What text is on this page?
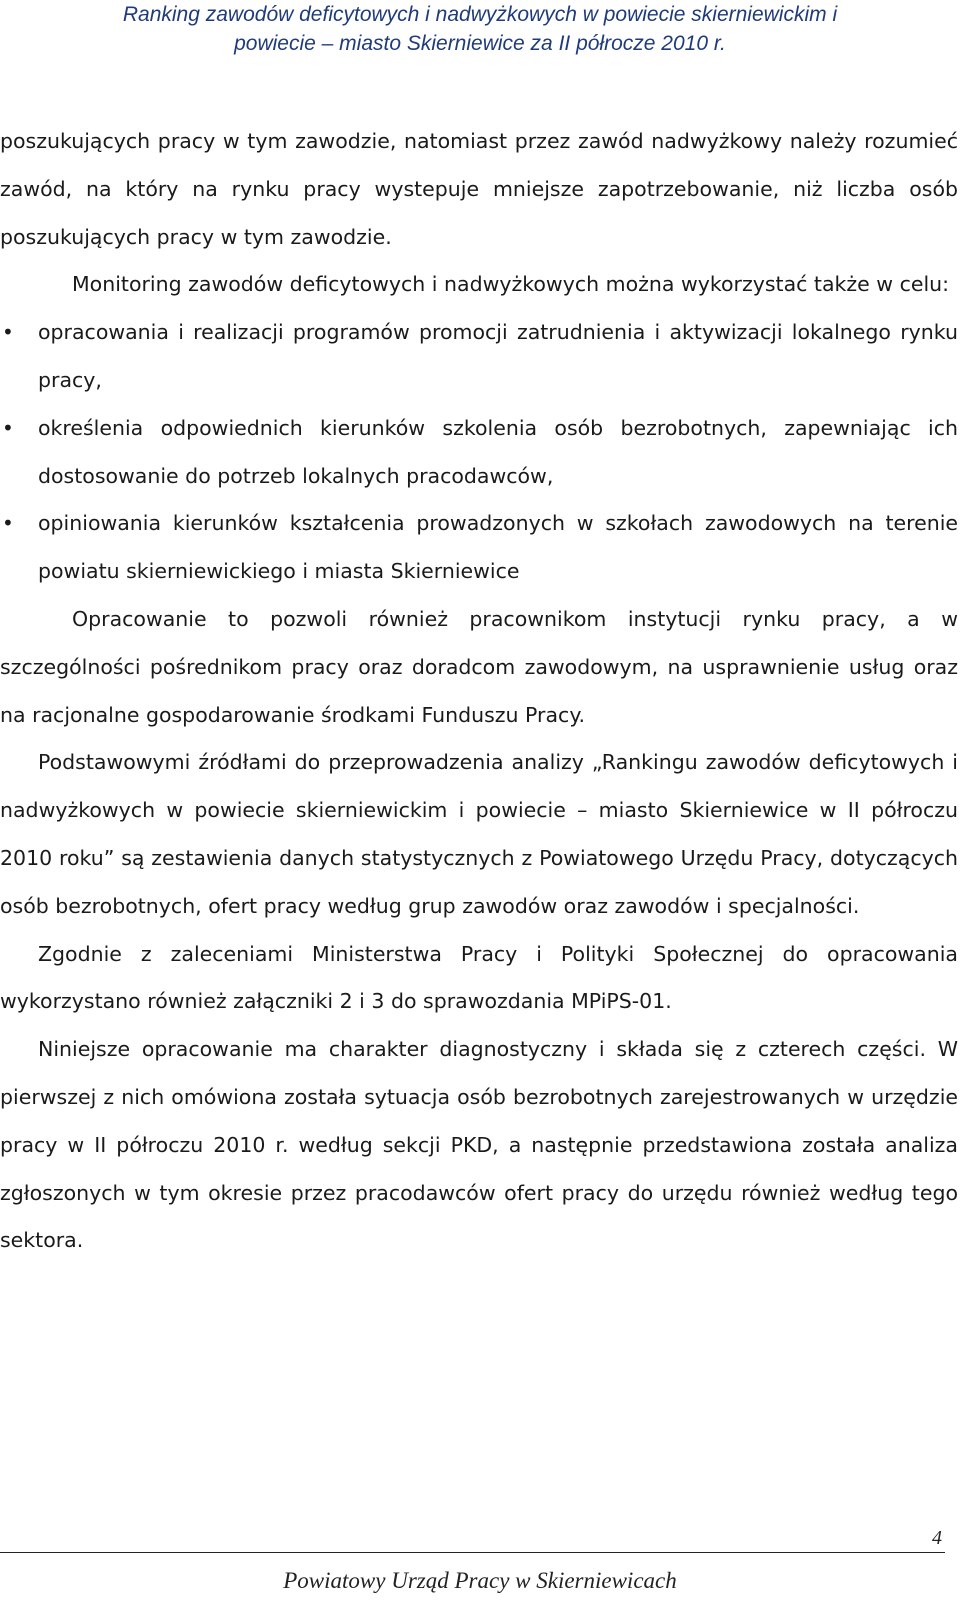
Ranking zawodów deficytowych i nadwyżkowych w powiecie skierniewickim i
powiecie – miasto Skierniewice za II półrocze 2010 r.

poszukujących pracy w tym zawodzie, natomiast przez zawód nadwyżkowy należy rozumieć zawód, na który na rynku pracy wystepuje mniejsze zapotrzebowanie, niż liczba osób poszukujących pracy w tym zawodzie.

Monitoring zawodów deficytowych i nadwyżkowych można wykorzystać także w celu:

• opracowania i realizacji programów promocji zatrudnienia i aktywizacji lokalnego rynku pracy,
• określenia odpowiednich kierunków szkolenia osób bezrobotnych, zapewniając ich dostosowanie do potrzeb lokalnych pracodawców,
• opiniowania kierunków kształcenia prowadzonych w szkołach zawodowych na terenie powiatu skierniewickiego i miasta Skierniewice

Opracowanie to pozwoli również pracownikom instytucji rynku pracy, a w szczególności pośrednikom pracy oraz doradcom zawodowym, na usprawnienie usług oraz na racjonalne gospodarowanie środkami Funduszu Pracy.

Podstawowymi źródłami do przeprowadzenia analizy „Rankingu zawodów deficytowych i nadwyżkowych w powiecie skierniewickim i powiecie – miasto Skierniewice w II półroczu 2010 roku” są zestawienia danych statystycznych z Powiatowego Urzędu Pracy, dotyczących osób bezrobotnych, ofert pracy według grup zawodów oraz zawodów i specjalności.

Zgodnie z zaleceniami Ministerstwa Pracy i Polityki Społecznej do opracowania wykorzystano również załączniki 2 i 3 do sprawozdania MPiPS-01.

Niniejsze opracowanie ma charakter diagnostyczny i składa się z czterech części. W pierwszej z nich omówiona została sytuacja osób bezrobotnych zarejestrowanych w urzędzie pracy w II półroczu 2010 r. według sekcji PKD, a następnie przedstawiona została analiza zgłoszonych w tym okresie przez pracodawców ofert pracy do urzędu również według tego sektora.

4
Powiatowy Urząd Pracy w Skierniewicach
